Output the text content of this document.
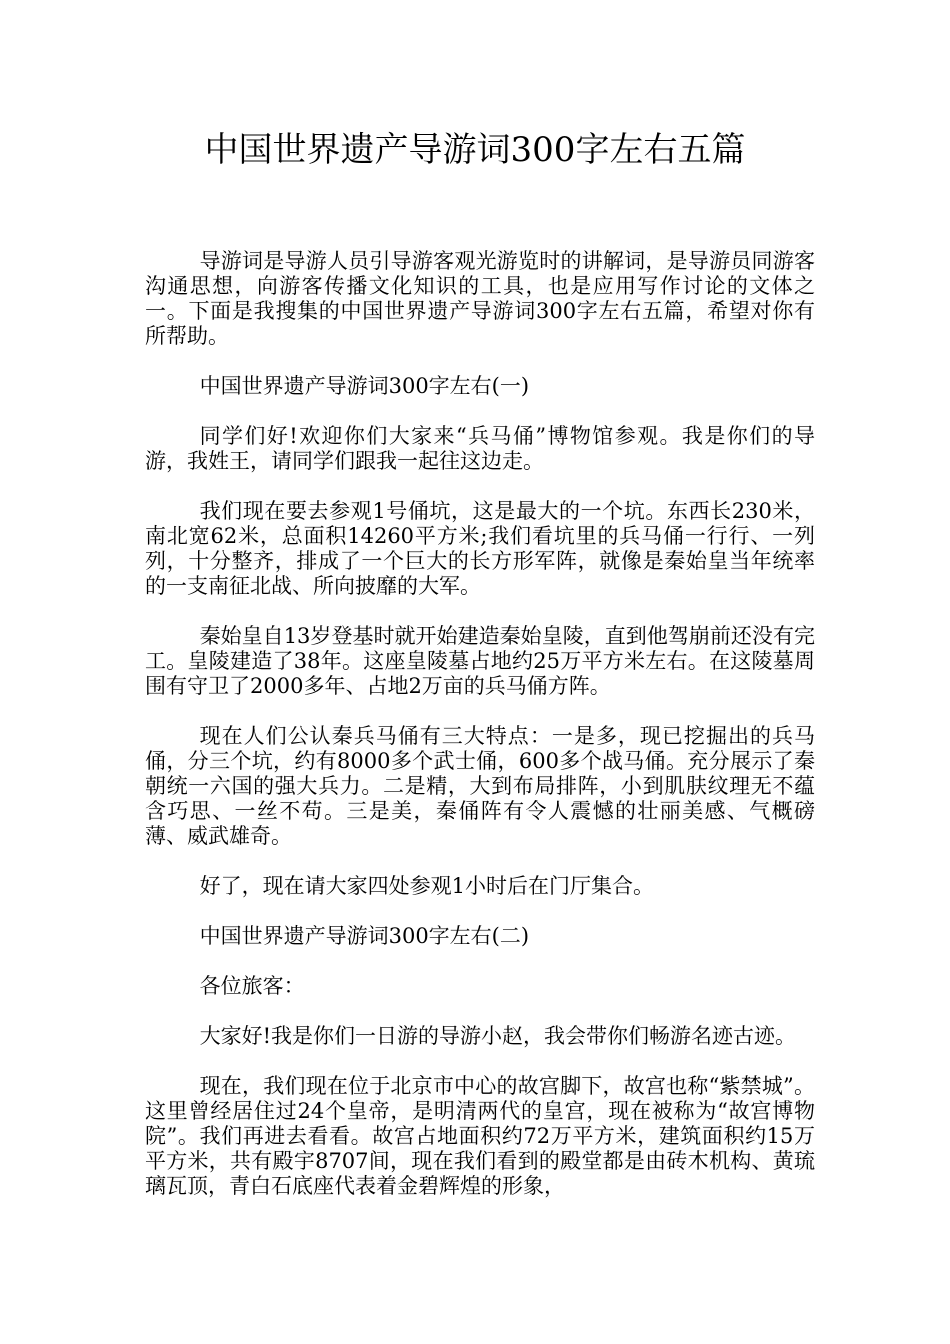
中国世界遗产导游词300字左右五篇

导游词是导游人员引导游客观光游览时的讲解词，是导游员同游客沟通思想，向游客传播文化知识的工具，也是应用写作讨论的文体之一。下面是我搜集的中国世界遗产导游词300字左右五篇，希望对你有所帮助。

中国世界遗产导游词300字左右(一)

同学们好!欢迎你们大家来“兵马俑”博物馆参观。我是你们的导游，我姓王，请同学们跟我一起往这边走。

我们现在要去参观1号俑坑，这是最大的一个坑。东西长230米，南北宽62米，总面积14260平方米;我们看坑里的兵马俑一行行、一列列，十分整齐，排成了一个巨大的长方形军阵，就像是秦始皇当年统率的一支南征北战、所向披靡的大军。

秦始皇自13岁登基时就开始建造秦始皇陵，直到他驾崩前还没有完工。皇陵建造了38年。这座皇陵墓占地约25万平方米左右。在这陵墓周围有守卫了2000多年、占地2万亩的兵马俑方阵。

现在人们公认秦兵马俑有三大特点：一是多，现已挖掘出的兵马俑，分三个坑，约有8000多个武士俑，600多个战马俑。充分展示了秦朝统一六国的强大兵力。二是精，大到布局排阵，小到肌肤纹理无不蕴含巧思、一丝不苟。三是美，秦俑阵有令人震憾的壮丽美感、气概磅薄、威武雄奇。

好了，现在请大家四处参观1小时后在门厅集合。

中国世界遗产导游词300字左右(二)

各位旅客：

大家好!我是你们一日游的导游小赵，我会带你们畅游名迹古迹。

现在，我们现在位于北京市中心的故宫脚下，故宫也称“紫禁城”。这里曾经居住过24个皇帝，是明清两代的皇宫，现在被称为“故宫博物院”。我们再进去看看。故宫占地面积约72万平方米，建筑面积约15万平方米，共有殿宇8707间，现在我们看到的殿堂都是由砖木机构、黄琉璃瓦顶，青白石底座代表着金碧辉煌的形象，
